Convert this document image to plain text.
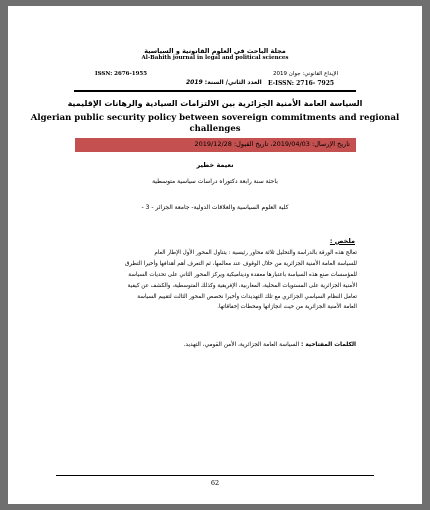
مجلة الباحث في العلوم القانونية و السياسية
Al-Bahith journal in legal and political sciences
ISSN: 2676-1955	الإيداع القانوني: جوان 2019
العدد الثاني/ السنة: 2019	E-ISSN: 2716- 7925
السياسة العامة الأمنية الجزائرية بين الالتزامات السيادية والرهانات الإقليمية
Algerian public security policy between sovereign commitments and regional challenges
تاريخ الإرسال: 2019/04/03، تاريخ القبول: 2019/12/28
نعيمة خطير
باحثة سنة رابعة دكتوراه دراسات سياسية متوسطية
كلية العلوم السياسية والعلاقات الدولية- جامعة الجزائر - 3 -
ملخص :
تعالج هذه الورقة بالدراسة والتحليل ثلاثة محاور رئيسية : يتناول المحور الأول الإطار العام
للسياسة العامة الأمنية الجزائرية من خلال الوقوف عند معالمها، ثم التعرف أهم أهدافها وأخيرا التطرق
للمؤسسات صنع هذه السياسة باعتبارها معقدة وديناميكية ويركز المحور الثاني على تحديات السياسة
الأمنية الجزائرية على المستويات المحلية، المغاربية، الإفريقية وكذلك المتوسطية، والكشف عن كيفية
تعامل النظام السياسي الجزائري مع تلك التهديدات وأخيرا نخصص المحور الثالث لتقييم السياسة
العامة الأمنية الجزائرية من حيث انجازاتها ومحطات إخفاقاتها.
الكلمات المفتاحية : السياسة العامة الجزائرية، الأمن القومي، التهديد.
62
